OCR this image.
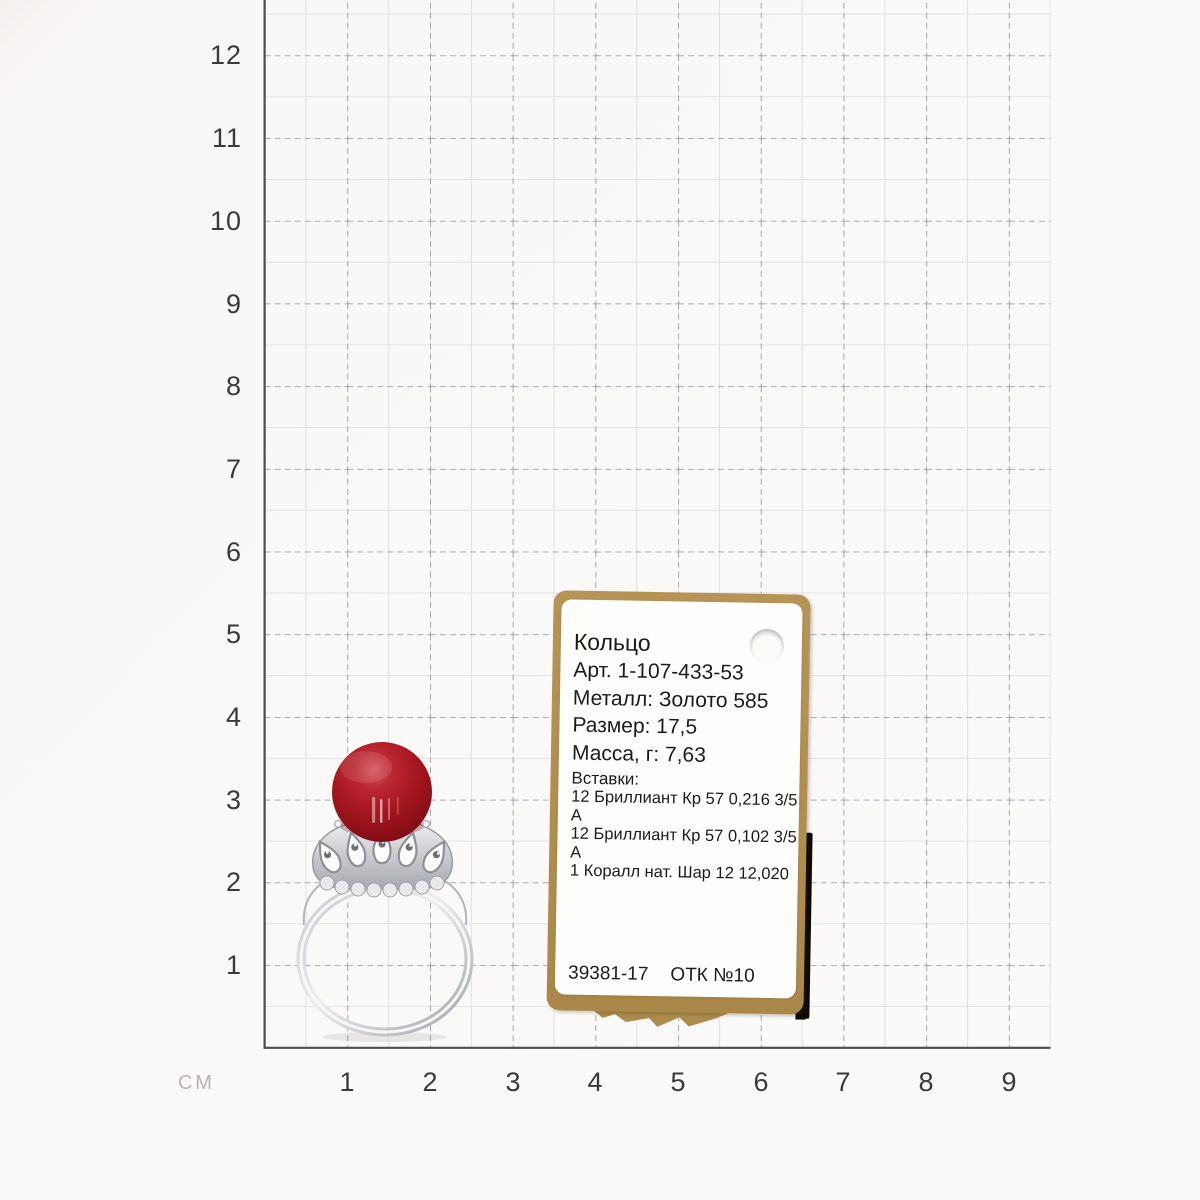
12
11
10
9
8
7
6
5
4
3
2
1
1	2	3	4	5	6	7	8	9
СМ
Кольцо
Арт. 1-107-433-53
Металл: Золото 585
Размер: 17,5
Масса, г: 7,63
Вставки:
12 Бриллиант Кр 57 0,216 3/5
А
12 Бриллиант Кр 57 0,102 3/5
А
1 Коралл нат. Шар 12 12,020
39381-17 ОТК №10
